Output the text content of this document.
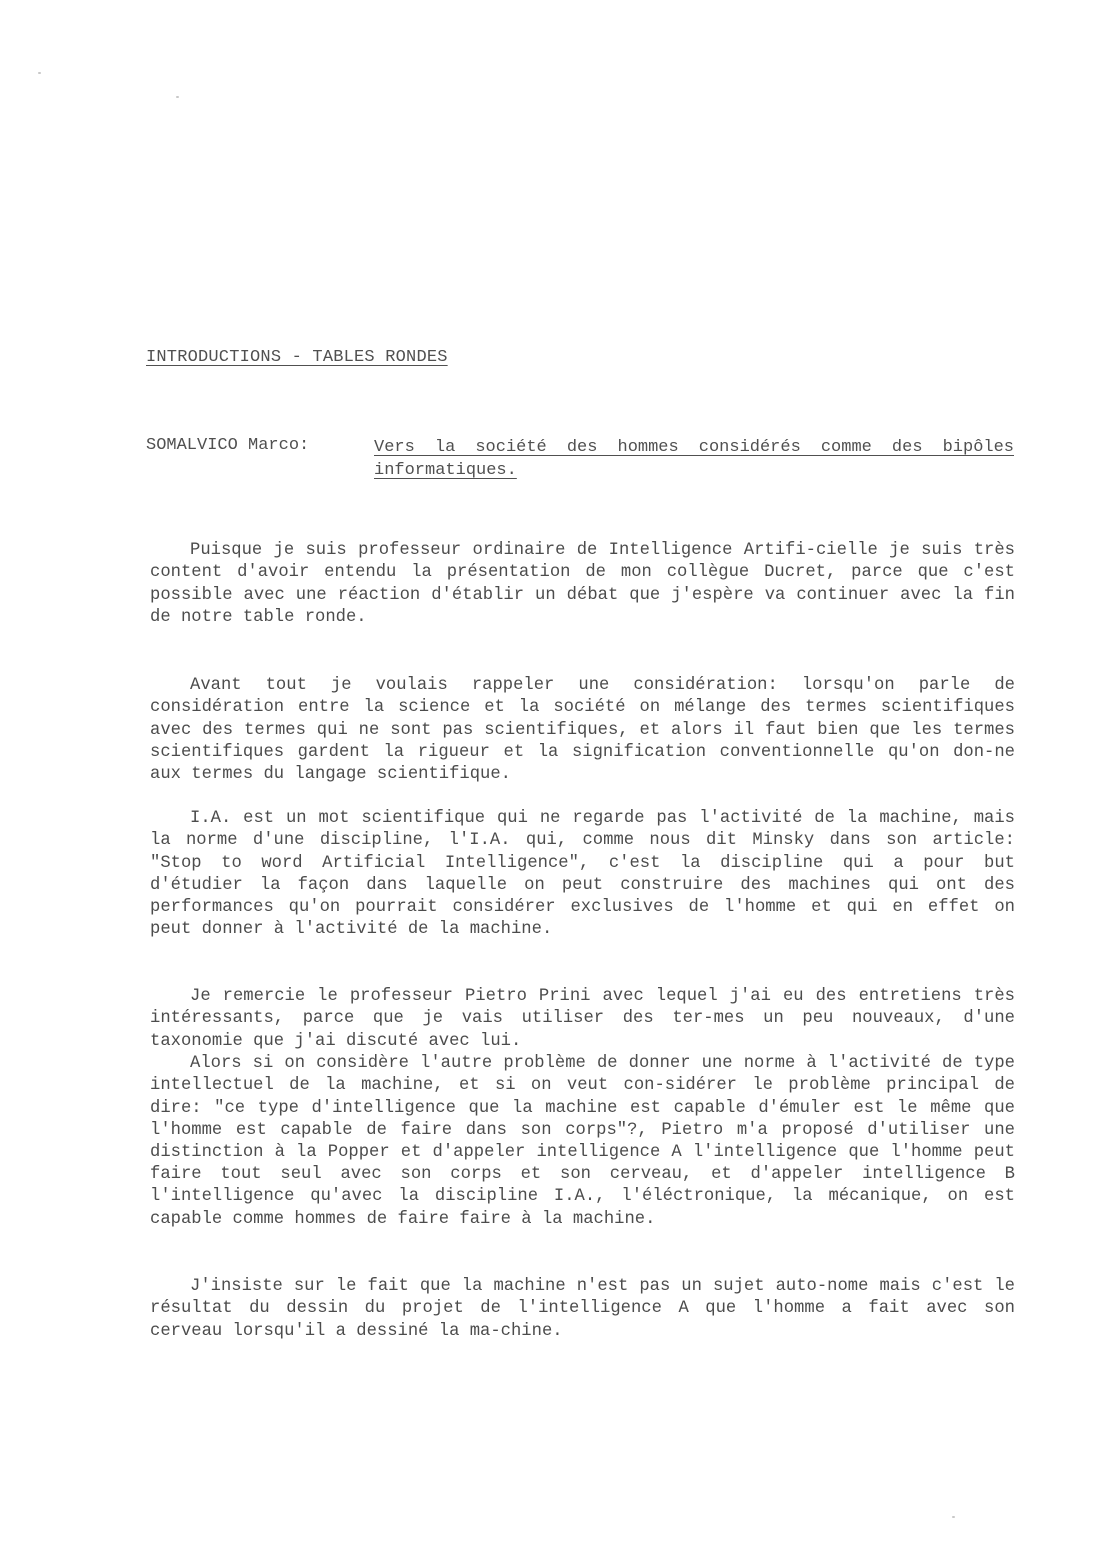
INTRODUCTIONS - TABLES RONDES
SOMALVICO Marco:	Vers la société des hommes considérés comme des bipôles informatiques.

Puisque je suis professeur ordinaire de Intelligence Artifi-cielle je suis très content d'avoir entendu la présentation de mon collègue Ducret, parce que c'est possible avec une réaction d'établir un débat que j'espère va continuer avec la fin de notre table ronde.

Avant tout je voulais rappeler une considération: lorsqu'on parle de considération entre la science et la société on mélange des termes scientifiques avec des termes qui ne sont pas scientifiques, et alors il faut bien que les termes scientifiques gardent la rigueur et la signification conventionnelle qu'on don-ne aux termes du langage scientifique.

I.A. est un mot scientifique qui ne regarde pas l'activité de la machine, mais la norme d'une discipline, l'I.A. qui, comme nous dit Minsky dans son article: "Stop to word Artificial Intelligence", c'est la discipline qui a pour but d'étudier la façon dans laquelle on peut construire des machines qui ont des performances qu'on pourrait considérer exclusives de l'homme et qui en effet on peut donner à l'activité de la machine.

Je remercie le professeur Pietro Prini avec lequel j'ai eu des entretiens très intéressants, parce que je vais utiliser des ter-mes un peu nouveaux, d'une taxonomie que j'ai discuté avec lui.

Alors si on considère l'autre problème de donner une norme à l'activité de type intellectuel de la machine, et si on veut con-sidérer le problème principal de dire: "ce type d'intelligence que la machine est capable d'émuler est le même que l'homme est capable de faire dans son corps"?, Pietro m'a proposé d'utiliser une distinction à la Popper et d'appeler intelligence A l'intelligence que l'homme peut faire tout seul avec son corps et son cerveau, et d'appeler intelligence B l'intelligence qu'avec la discipline I.A., l'éléctronique, la mécanique, on est capable comme hommes de faire faire à la machine.

J'insiste sur le fait que la machine n'est pas un sujet auto-nome mais c'est le résultat du dessin du projet de l'intelligence A que l'homme a fait avec son cerveau lorsqu'il a dessiné la ma-chine.
